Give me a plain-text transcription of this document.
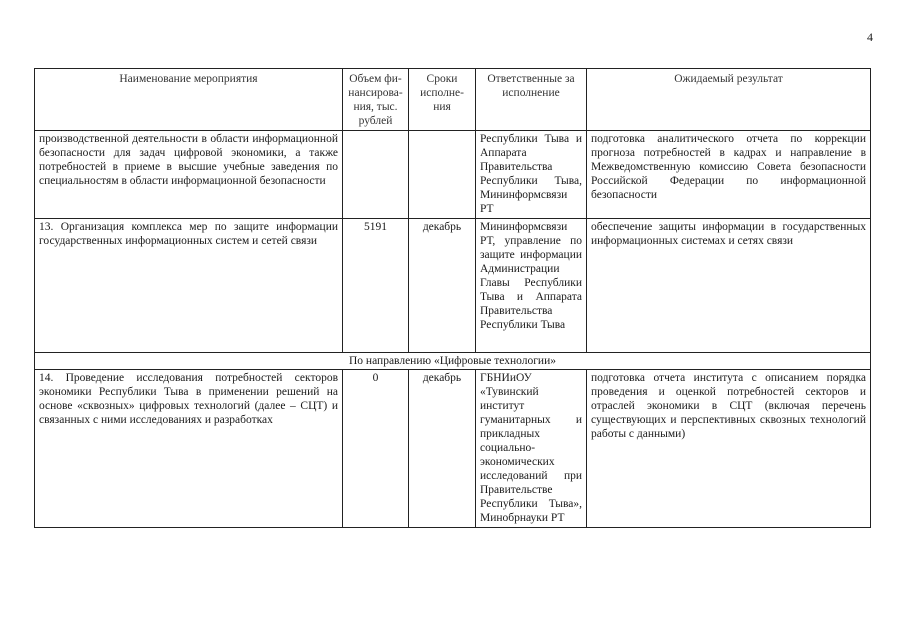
4
Наименование мероприятия	Объем фи-нансирова-ния, тыс. рублей	Сроки исполне-ния	Ответственные за исполнение	Ожидаемый результат
производственной деятельности в области информационной безопасности для задач цифровой экономики, а также потребностей в приеме в высшие учебные заведения по специальностям в области информационной безопасности			Республики Тыва и Аппарата Правительства Республики Тыва, Мининформсвязи РТ	подготовка аналитического отчета по коррекции прогноза потребностей в кадрах и направление в Межведомственную комиссию Совета безопасности Российской Федерации по информационной безопасности
13. Организация комплекса мер по защите информации государственных информационных систем и сетей связи	5191	декабрь	Мининформсвязи РТ, управление по защите информации Администрации Главы Республики Тыва и Аппарата Правительства Республики Тыва	обеспечение защиты информации в государственных информационных системах и сетях связи
По направлению «Цифровые технологии»				
14. Проведение исследования потребностей секторов экономики Республики Тыва в применении решений на основе «сквозных» цифровых технологий (далее – СЦТ) и связанных с ними исследованиях и разработках	0	декабрь	ГБНИиОУ «Тувинский институт гуманитарных и прикладных социально-экономических исследований при Правительстве Республики Тыва», Минобрнауки РТ	подготовка отчета института с описанием порядка проведения и оценкой потребностей секторов и отраслей экономики в СЦТ (включая перечень существующих и перспективных сквозных технологий работы с данными)
